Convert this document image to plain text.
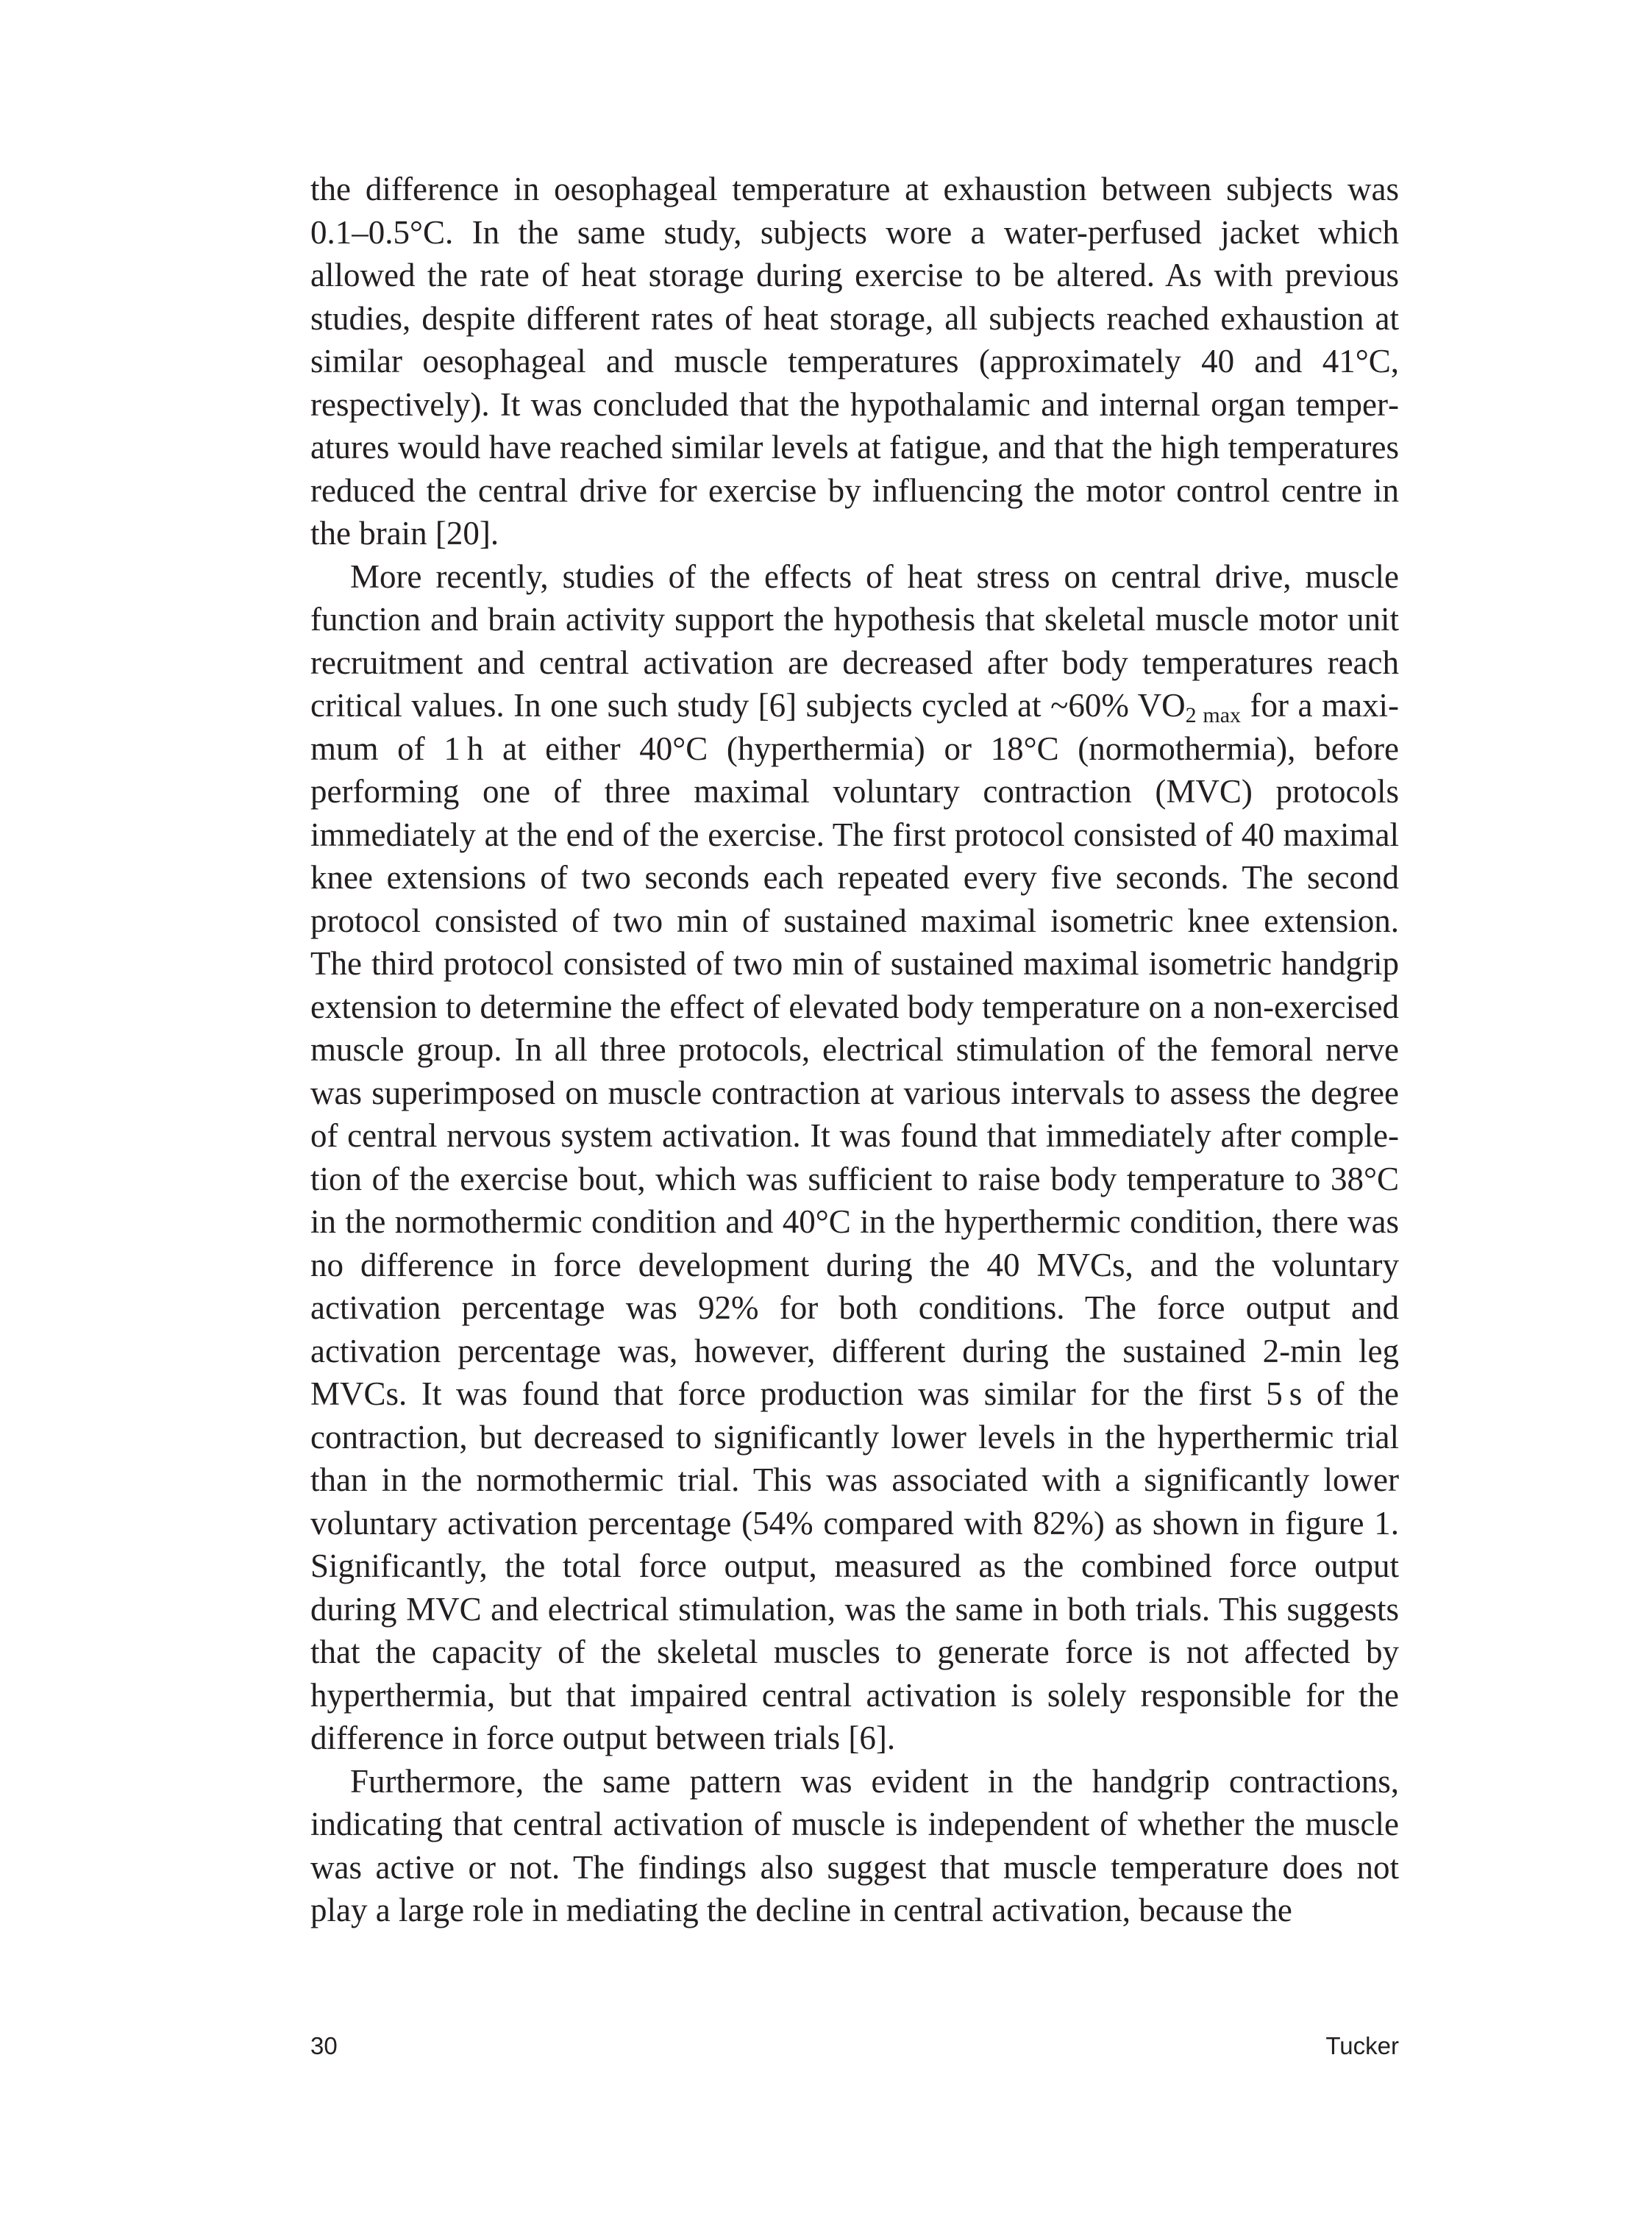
the difference in oesophageal temperature at exhaustion between subjects was 0.1–0.5°C. In the same study, subjects wore a water-perfused jacket which allowed the rate of heat storage during exercise to be altered. As with previous studies, despite different rates of heat storage, all subjects reached exhaustion at similar oesophageal and muscle temperatures (approximately 40 and 41°C, respectively). It was concluded that the hypothalamic and internal organ temperatures would have reached similar levels at fatigue, and that the high temperatures reduced the central drive for exercise by influencing the motor control centre in the brain [20].

More recently, studies of the effects of heat stress on central drive, muscle function and brain activity support the hypothesis that skeletal muscle motor unit recruitment and central activation are decreased after body temperatures reach critical values. In one such study [6] subjects cycled at ~60% $VO_{2 max}$ for a maximum of 1 h at either 40°C (hyperthermia) or 18°C (normothermia), before performing one of three maximal voluntary contraction (MVC) protocols immediately at the end of the exercise. The first protocol consisted of 40 maximal knee extensions of two seconds each repeated every five seconds. The second protocol consisted of two min of sustained maximal isometric knee extension. The third protocol consisted of two min of sustained maximal isometric handgrip extension to determine the effect of elevated body temperature on a non-exercised muscle group. In all three protocols, electrical stimulation of the femoral nerve was superimposed on muscle contraction at various intervals to assess the degree of central nervous system activation. It was found that immediately after completion of the exercise bout, which was sufficient to raise body temperature to 38°C in the normothermic condition and 40°C in the hyperthermic condition, there was no difference in force development during the 40 MVCs, and the voluntary activation percentage was 92% for both conditions. The force output and activation percentage was, however, different during the sustained 2-min leg MVCs. It was found that force production was similar for the first 5 s of the contraction, but decreased to significantly lower levels in the hyperthermic trial than in the normothermic trial. This was associated with a significantly lower voluntary activation percentage (54% compared with 82%) as shown in figure 1. Significantly, the total force output, measured as the combined force output during MVC and electrical stimulation, was the same in both trials. This suggests that the capacity of the skeletal muscles to generate force is not affected by hyperthermia, but that impaired central activation is solely responsible for the difference in force output between trials [6].

Furthermore, the same pattern was evident in the handgrip contractions, indicating that central activation of muscle is independent of whether the muscle was active or not. The findings also suggest that muscle temperature does not play a large role in mediating the decline in central activation, because the

30	Tucker
